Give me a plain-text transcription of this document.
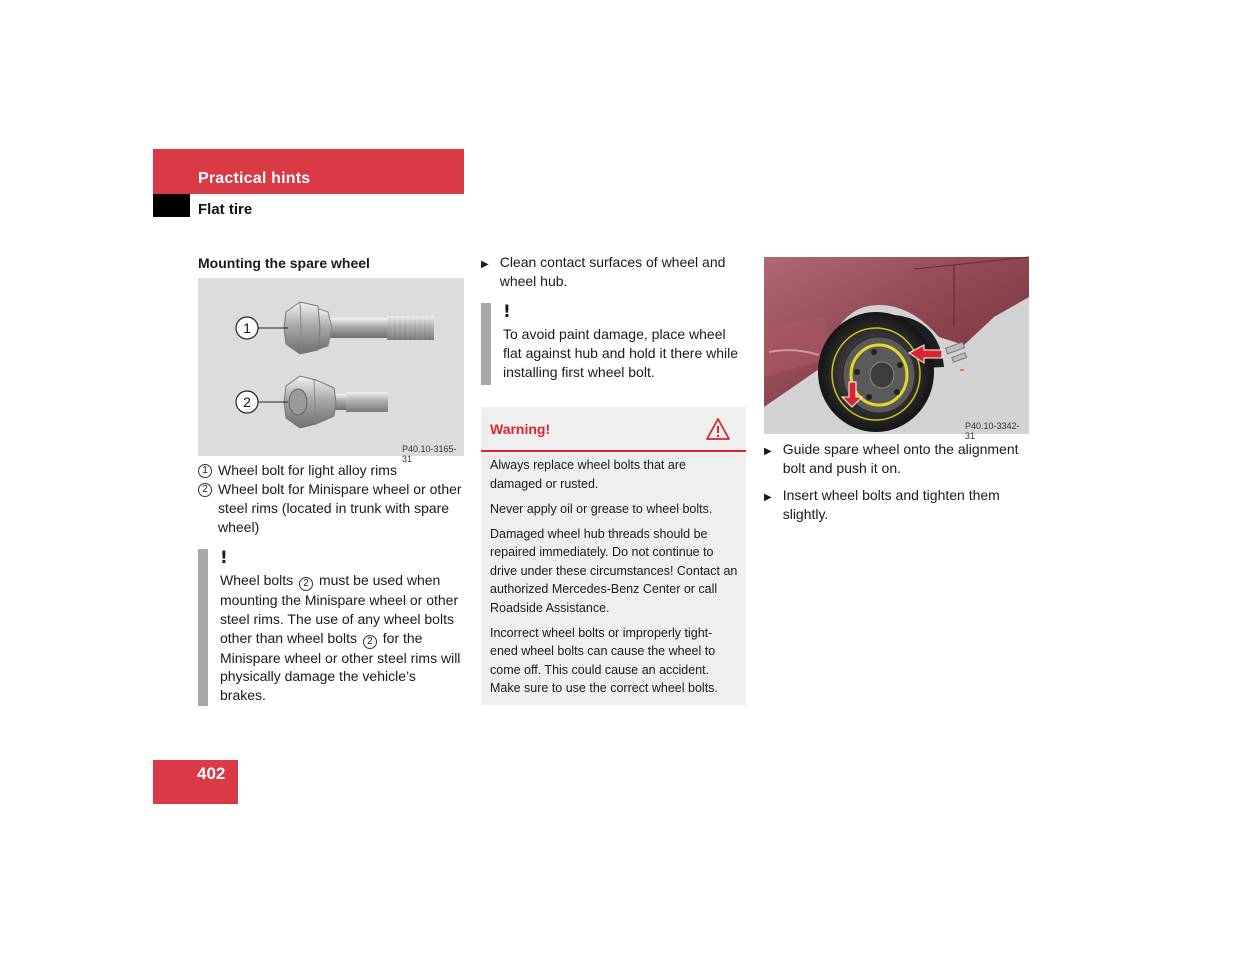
Practical hints
Flat tire
Mounting the spare wheel
1
2
P40.10-3165-31
1 Wheel bolt for light alloy rims
2 Wheel bolt for Minispare wheel or other steel rims (located in trunk with spare wheel)
!
Wheel bolts 2 must be used when
mounting the Minispare wheel or other
steel rims. The use of any wheel bolts
other than wheel bolts 2 for the
Minispare wheel or other steel rims will
physically damage the vehicle’s
brakes.
▶ Clean contact surfaces of wheel and wheel hub.
!
To avoid paint damage, place wheel flat against hub and hold it there while installing first wheel bolt.
Warning!

Always replace wheel bolts that are damaged or rusted.

Never apply oil or grease to wheel bolts.

Damaged wheel hub threads should be repaired immediately. Do not continue to drive under these circumstances! Contact an authorized Mercedes-Benz Center or call Roadside Assistance.

Incorrect wheel bolts or improperly tight-ened wheel bolts can cause the wheel to come off. This could cause an accident. Make sure to use the correct wheel bolts.

P40.10-3342-31
▶ Guide spare wheel onto the alignment bolt and push it on.
▶ Insert wheel bolts and tighten them slightly.
402
